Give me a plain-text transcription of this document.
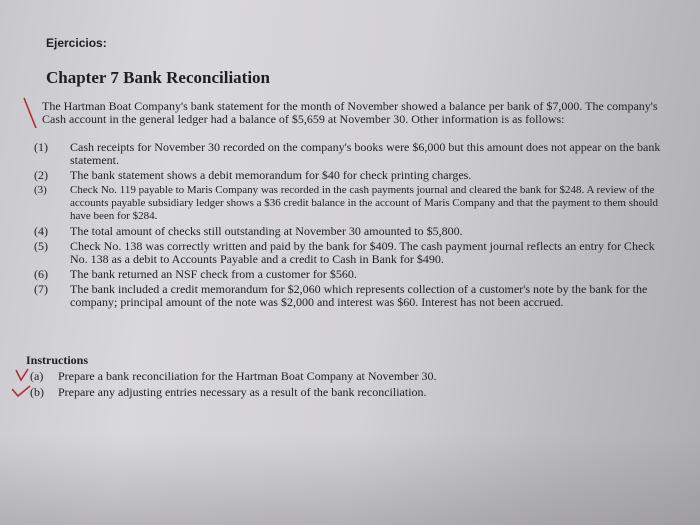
Ejercicios:
Chapter 7 Bank Reconciliation
The Hartman Boat Company's bank statement for the month of November showed a balance per bank of $7,000. The company's Cash account in the general ledger had a balance of $5,659 at November 30. Other information is as follows:
(1) Cash receipts for November 30 recorded on the company's books were $6,000 but this amount does not appear on the bank statement.
(2) The bank statement shows a debit memorandum for $40 for check printing charges.
(3) Check No. 119 payable to Maris Company was recorded in the cash payments journal and cleared the bank for $248. A review of the accounts payable subsidiary ledger shows a $36 credit balance in the account of Maris Company and that the payment to them should have been for $284.
(4) The total amount of checks still outstanding at November 30 amounted to $5,800.
(5) Check No. 138 was correctly written and paid by the bank for $409. The cash payment journal reflects an entry for Check No. 138 as a debit to Accounts Payable and a credit to Cash in Bank for $490.
(6) The bank returned an NSF check from a customer for $560.
(7) The bank included a credit memorandum for $2,060 which represents collection of a customer's note by the bank for the company; principal amount of the note was $2,000 and interest was $60. Interest has not been accrued.
Instructions
(a) Prepare a bank reconciliation for the Hartman Boat Company at November 30.
(b) Prepare any adjusting entries necessary as a result of the bank reconciliation.
